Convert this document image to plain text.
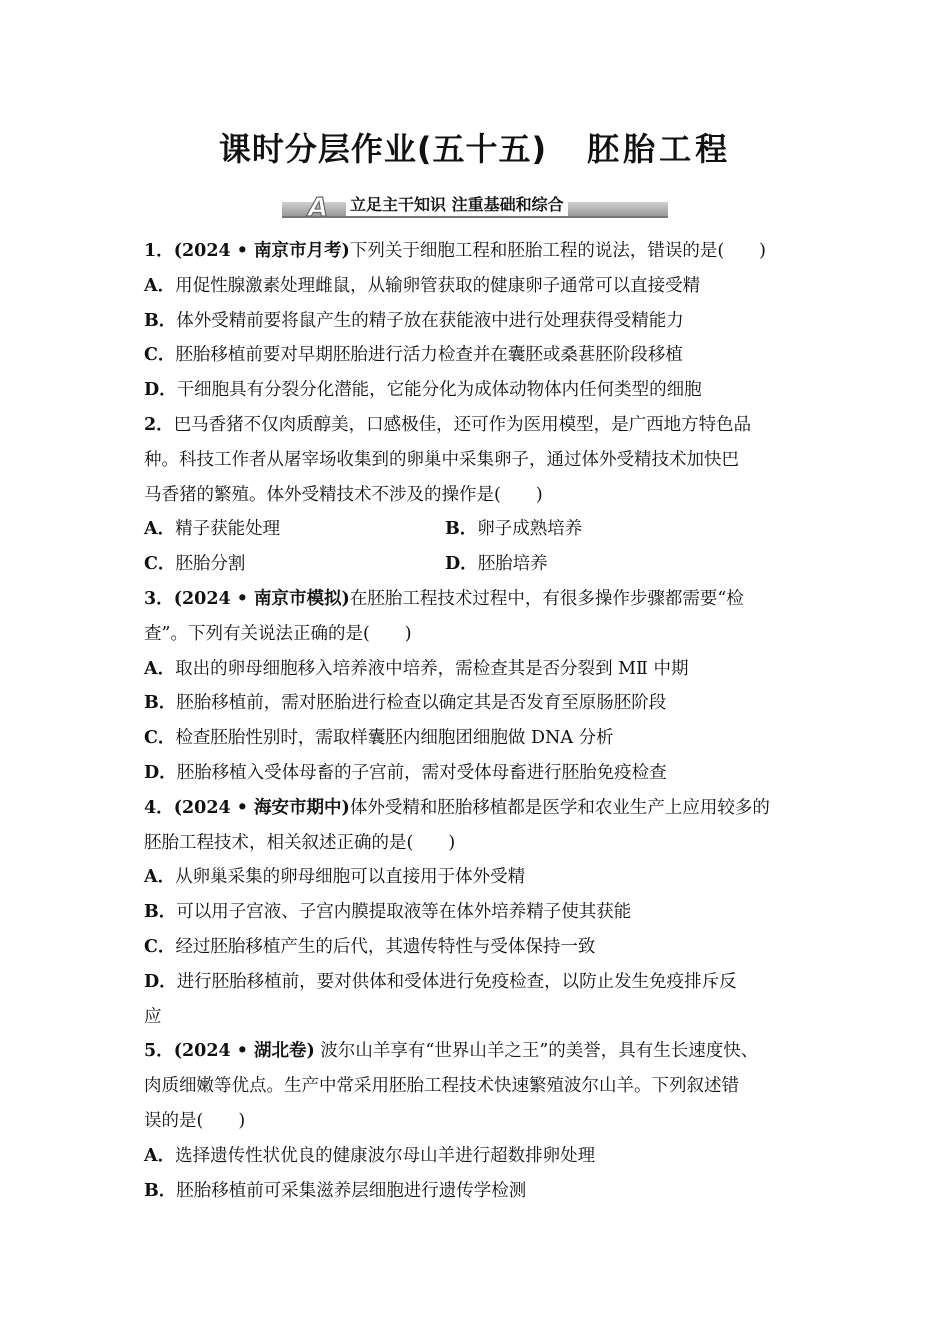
课时分层作业(五十五) 胚胎工程
A 立足主干知识 注重基础和综合
1．(2024 • 南京市月考)下列关于细胞工程和胚胎工程的说法，错误的是(　　)
A．用促性腺激素处理雌鼠，从输卵管获取的健康卵子通常可以直接受精
B．体外受精前要将鼠产生的精子放在获能液中进行处理获得受精能力
C．胚胎移植前要对早期胚胎进行活力检查并在囊胚或桑葚胚阶段移植
D．干细胞具有分裂分化潜能，它能分化为成体动物体内任何类型的细胞
2．巴马香猪不仅肉质醇美，口感极佳，还可作为医用模型，是广西地方特色品
种。科技工作者从屠宰场收集到的卵巢中采集卵子，通过体外受精技术加快巴
马香猪的繁殖。体外受精技术不涉及的操作是(　　)
A．精子获能处理	B．卵子成熟培养
C．胚胎分割	D．胚胎培养
3．(2024 • 南京市模拟)在胚胎工程技术过程中，有很多操作步骤都需要“检
查”。下列有关说法正确的是(　　)
A．取出的卵母细胞移入培养液中培养，需检查其是否分裂到 MⅡ 中期
B．胚胎移植前，需对胚胎进行检查以确定其是否发育至原肠胚阶段
C．检查胚胎性别时，需取样囊胚内细胞团细胞做 DNA 分析
D．胚胎移植入受体母畜的子宫前，需对受体母畜进行胚胎免疫检查
4．(2024 • 海安市期中)体外受精和胚胎移植都是医学和农业生产上应用较多的
胚胎工程技术，相关叙述正确的是(　　)
A．从卵巢采集的卵母细胞可以直接用于体外受精
B．可以用子宫液、子宫内膜提取液等在体外培养精子使其获能
C．经过胚胎移植产生的后代，其遗传特性与受体保持一致
D．进行胚胎移植前，要对供体和受体进行免疫检查，以防止发生免疫排斥反
应
5．(2024 • 湖北卷) 波尔山羊享有“世界山羊之王”的美誉，具有生长速度快、
肉质细嫩等优点。生产中常采用胚胎工程技术快速繁殖波尔山羊。下列叙述错
误的是(　　)
A．选择遗传性状优良的健康波尔母山羊进行超数排卵处理
B．胚胎移植前可采集滋养层细胞进行遗传学检测
